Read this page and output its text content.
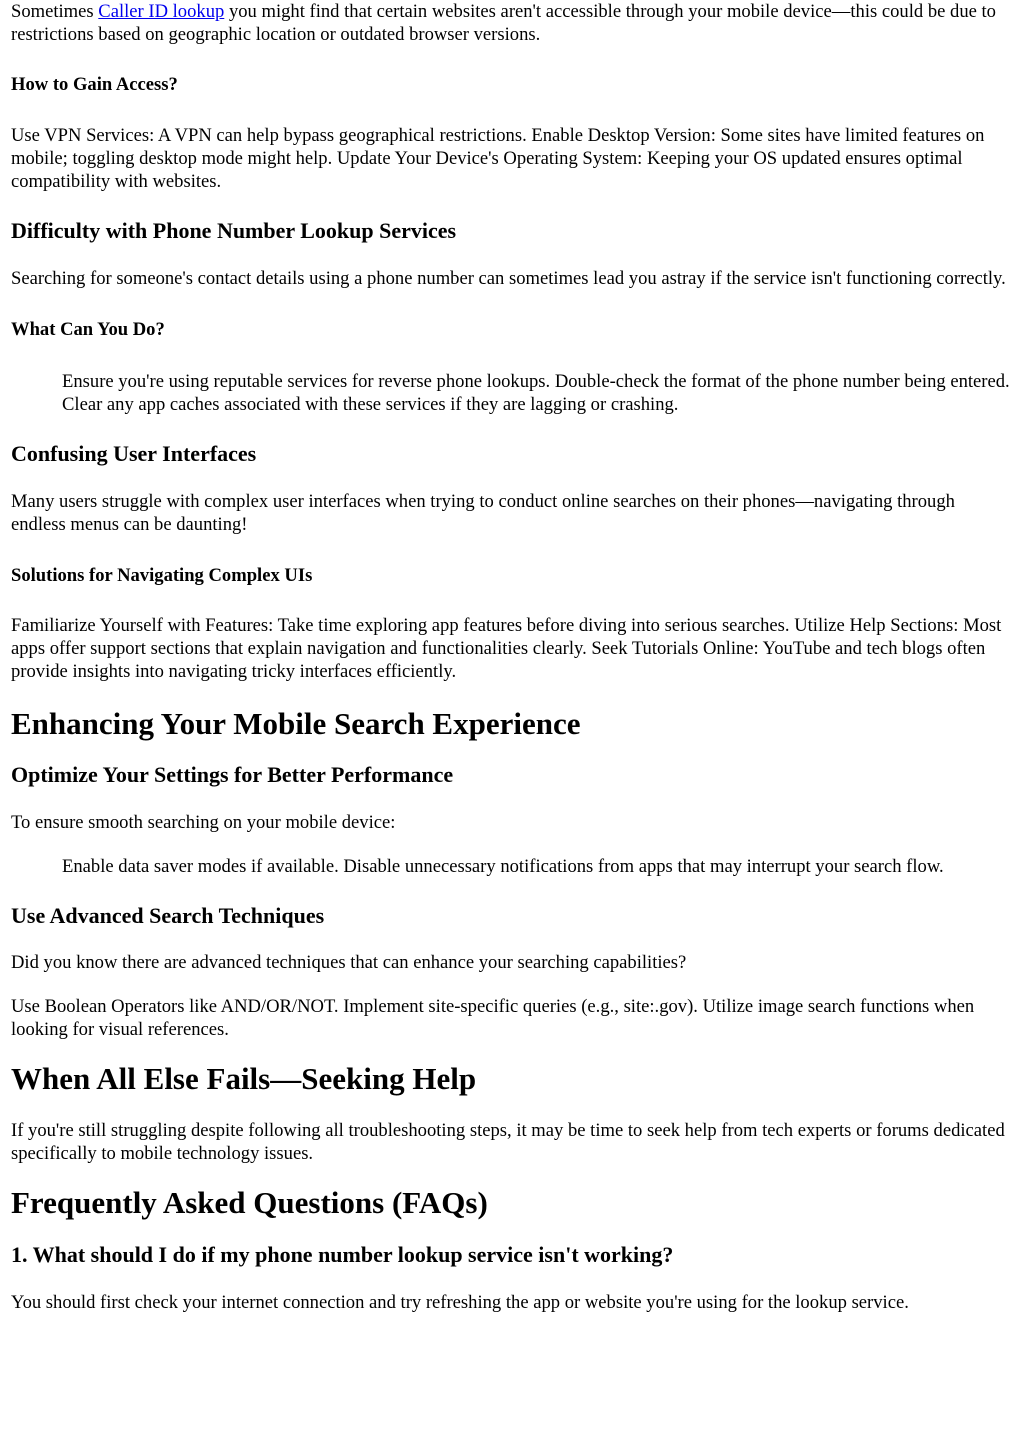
Sometimes Caller ID lookup you might find that certain websites aren't accessible through your mobile device—this could be due to restrictions based on geographic location or outdated browser versions.

How to Gain Access?

Use VPN Services: A VPN can help bypass geographical restrictions. Enable Desktop Version: Some sites have limited features on mobile; toggling desktop mode might help. Update Your Device's Operating System: Keeping your OS updated ensures optimal compatibility with websites.

Difficulty with Phone Number Lookup Services

Searching for someone's contact details using a phone number can sometimes lead you astray if the service isn't functioning correctly.

What Can You Do?

Ensure you're using reputable services for reverse phone lookups. Double-check the format of the phone number being entered. Clear any app caches associated with these services if they are lagging or crashing.

Confusing User Interfaces

Many users struggle with complex user interfaces when trying to conduct online searches on their phones—navigating through endless menus can be daunting!

Solutions for Navigating Complex UIs

Familiarize Yourself with Features: Take time exploring app features before diving into serious searches. Utilize Help Sections: Most apps offer support sections that explain navigation and functionalities clearly. Seek Tutorials Online: YouTube and tech blogs often provide insights into navigating tricky interfaces efficiently.

Enhancing Your Mobile Search Experience
Optimize Your Settings for Better Performance

To ensure smooth searching on your mobile device:

Enable data saver modes if available. Disable unnecessary notifications from apps that may interrupt your search flow.

Use Advanced Search Techniques

Did you know there are advanced techniques that can enhance your searching capabilities?

Use Boolean Operators like AND/OR/NOT. Implement site-specific queries (e.g., site:.gov). Utilize image search functions when looking for visual references.

When All Else Fails—Seeking Help

If you're still struggling despite following all troubleshooting steps, it may be time to seek help from tech experts or forums dedicated specifically to mobile technology issues.

Frequently Asked Questions (FAQs)
1. What should I do if my phone number lookup service isn't working?

You should first check your internet connection and try refreshing the app or website you're using for the lookup service.
